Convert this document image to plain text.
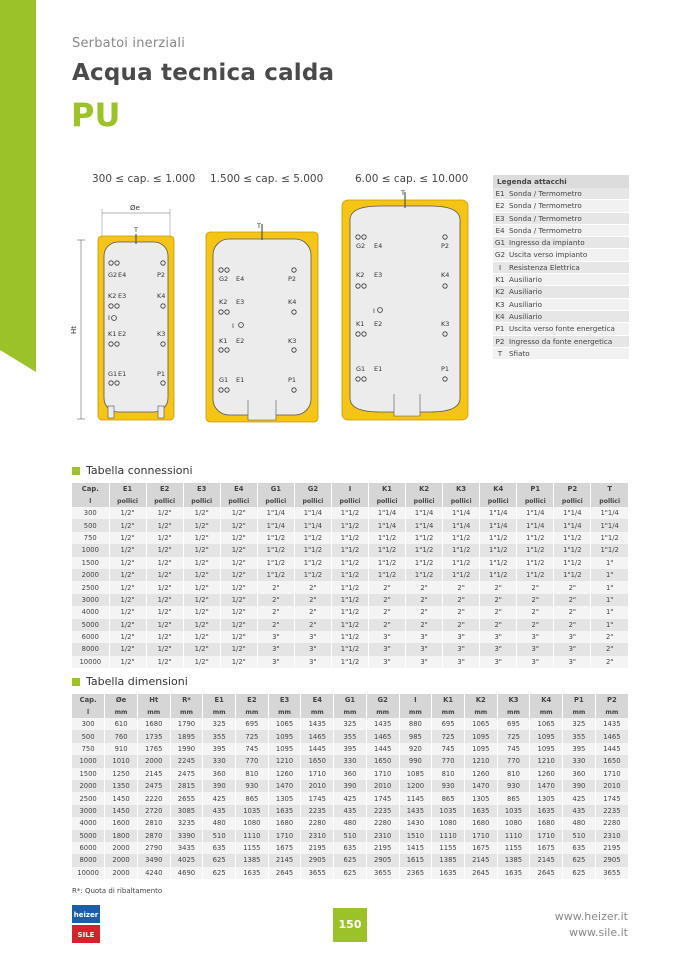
Serbatoi inerziali
Acqua tecnica calda
PU
300 ≤ cap. ≤ 1.000 1.500 ≤ cap. ≤ 5.000	6.00 ≤ cap. ≤ 10.000
Ht
Øe
T
G2 E4	P2
K2 E3	K4
I
K1 E2	K3
G1 E1	P1
T
G2 E4	P2
K2 E3	K4
I
K1 E2	K3
G1 E1	P1
T
G2 E4	P2
K2 E3	K4
I
K1 E2	K3
G1 E1	P1
Legenda attacchi
E1 Sonda / Termometro
E2 Sonda / Termometro
E3 Sonda / Termometro
E4 Sonda / Termometro
G1 Ingresso da impianto
G2 Uscita verso impianto
I	Resistenza Elettrica
K1 Ausiliario
K2 Ausiliario
K3 Ausiliario
K4 Ausiliario
P1 Uscita verso fonte energetica
P2 Ingresso da fonte energetica
T Sfiato
Tabella connessioni
Cap.	E1	E2	E3	E4	G1	G2	I	K1	K2	K3	K4	P1	P2	T
l	pollici	pollici	pollici	pollici	pollici	pollici	pollici	pollici	pollici	pollici	pollici	pollici	pollici	pollici
300	1/2"	1/2"	1/2"	1/2"	1"1/4	1"1/4	1"1/2	1"1/4	1"1/4	1"1/4	1"1/4	1"1/4	1"1/4	1"1/4
500	1/2"	1/2"	1/2"	1/2"	1"1/4	1"1/4	1"1/2	1"1/4	1"1/4	1"1/4	1"1/4	1"1/4	1"1/4	1"1/4
750	1/2"	1/2"	1/2"	1/2"	1"1/2	1"1/2	1"1/2	1"1/2	1"1/2	1"1/2	1"1/2	1"1/2	1"1/2	1"1/2
1000	1/2"	1/2"	1/2"	1/2"	1"1/2	1"1/2	1"1/2	1"1/2	1"1/2	1"1/2	1"1/2	1"1/2	1"1/2	1"1/2
1500	1/2"	1/2"	1/2"	1/2"	1"1/2	1"1/2	1"1/2	1"1/2	1"1/2	1"1/2	1"1/2	1"1/2	1"1/2	1"
2000	1/2"	1/2"	1/2"	1/2"	1"1/2	1"1/2	1"1/2	1"1/2	1"1/2	1"1/2	1"1/2	1"1/2	1"1/2	1"
2500	1/2"	1/2"	1/2"	1/2"	2"	2"	1"1/2	2"	2"	2"	2"	2"	2"	1"
3000	1/2"	1/2"	1/2"	1/2"	2"	2"	1"1/2	2"	2"	2"	2"	2"	2"	1"
4000	1/2"	1/2"	1/2"	1/2"	2"	2"	1"1/2	2"	2"	2"	2"	2"	2"	1"
5000	1/2"	1/2"	1/2"	1/2"	2"	2"	1"1/2	2"	2"	2"	2"	2"	2"	1"
6000	1/2"	1/2"	1/2"	1/2"	3"	3"	1"1/2	3"	3"	3"	3"	3"	3"	2"
8000	1/2"	1/2"	1/2"	1/2"	3"	3"	1"1/2	3"	3"	3"	3"	3"	3"	2"
10000	1/2"	1/2"	1/2"	1/2"	3"	3"	1"1/2	3"	3"	3"	3"	3"	3"	2"
Tabella dimensioni
Cap.	Øe	Ht	R*	E1	E2	E3	E4	G1	G2	I	K1	K2	K3	K4	P1	P2
l	mm	mm	mm	mm	mm	mm	mm	mm	mm	mm	mm	mm	mm	mm	mm	mm
300	610	1680	1790	325	695	1065	1435	325	1435	880	695	1065	695	1065	325	1435
500	760	1735	1895	355	725	1095	1465	355	1465	985	725	1095	725	1095	355	1465
750	910	1765	1990	395	745	1095	1445	395	1445	920	745	1095	745	1095	395	1445
1000	1010	2000	2245	330	770	1210	1650	330	1650	990	770	1210	770	1210	330	1650
1500	1250	2145	2475	360	810	1260	1710	360	1710	1085	810	1260	810	1260	360	1710
2000	1350	2475	2815	390	930	1470	2010	390	2010	1200	930	1470	930	1470	390	2010
2500	1450	2220	2655	425	865	1305	1745	425	1745	1145	865	1305	865	1305	425	1745
3000	1450	2720	3085	435	1035	1635	2235	435	2235	1435	1035	1635	1035	1635	435	2235
4000	1600	2810	3235	480	1080	1680	2280	480	2280	1430	1080	1680	1080	1680	480	2280
5000	1800	2870	3390	510	1110	1710	2310	510	2310	1510	1110	1710	1110	1710	510	2310
6000	2000	2790	3435	635	1155	1675	2195	635	2195	1415	1155	1675	1155	1675	635	2195
8000	2000	3490	4025	625	1385	2145	2905	625	2905	1615	1385	2145	1385	2145	625	2905
10000	2000	4240	4690	625	1635	2645	3655	625	3655	2365	1635	2645	1635	2645	625	3655
R*: Quota di ribaltamento
heizer
SILE
150
www.heizer.it
www.sile.it
